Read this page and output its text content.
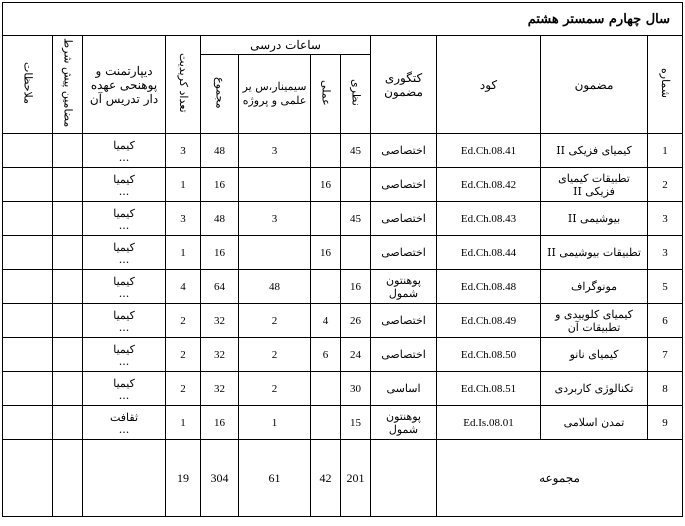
سال چهارم سمستر هشتم											
شماره	مضمون	کود	کتگوری مضمون	ساعات درسی				تعداد کریدیت	دیپارتمنت و پوهنحی عهده دار تدریس آن	مضامین پیش شرط	ملاحظات
				نظری	عملی	سیمینار،س یر علمی و پروژه	مجموع				
1	کیمیای فزیکی II	Ed.Ch.08.41	اختصاصی	45		3	48	3	کیمیا
...		

2	تطبیقات کیمیای فزیکی II	Ed.Ch.08.42	اختصاصی		16		16	1	کیمیا
...		

3	بیوشیمی II	Ed.Ch.08.43	اختصاصی	45		3	48	3	کیمیا
...		

3	تطبیقات بیوشیمی II	Ed.Ch.08.44	اختصاصی		16		16	1	کیمیا
...		

5	مونوگراف	Ed.Ch.08.48	پوهنتون شمول	16		48	64	4	کیمیا
...		

6	کیمیای کلوییدی و تطبیقات آن	Ed.Ch.08.49	اختصاصی	26	4	2	32	2	کیمیا
...		

7	کیمیای نانو	Ed.Ch.08.50	اختصاصی	24	6	2	32	2	کیمیا
...		

8	تکنالوژی کاربردی	Ed.Ch.08.51	اساسی	30		2	32	2	کیمیا
...		

9	تمدن اسلامی	Ed.Is.08.01	پوهنتون شمول	15		1	16	1	ثقافت
...		

مجموعه				201	42	61	304	19			
